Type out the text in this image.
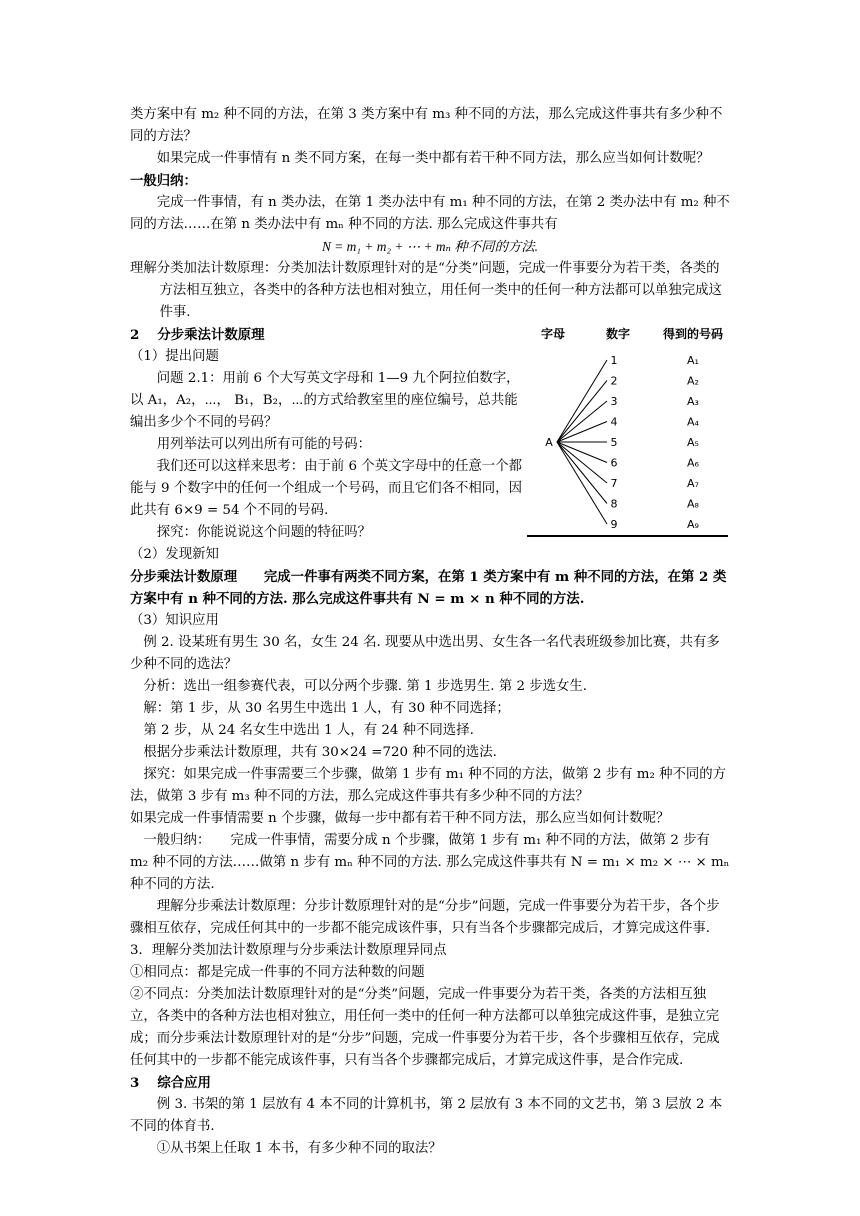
类方案中有 m₂ 种不同的方法，在第 3 类方案中有 m₃ 种不同的方法，那么完成这件事共有多少种不同的方法？

如果完成一件事情有 n 类不同方案，在每一类中都有若干种不同方法，那么应当如何计数呢？

一般归纳：

完成一件事情，有 n 类办法，在第 1 类办法中有 m₁ 种不同的方法，在第 2 类办法中有 m₂ 种不同的方法……在第 n 类办法中有 mₙ 种不同的方法. 那么完成这件事共有

N = m₁ + m₂ + ⋯ + mₙ 种不同的方法.

理解分类加法计数原理：分类加法计数原理针对的是“分类”问题，完成一件事要分为若干类，各类的方法相互独立，各类中的各种方法也相对独立，用任何一类中的任何一种方法都可以单独完成这件事.

2　 分步乘法计数原理

（1）提出问题

问题 2.1：用前 6 个大写英文字母和 1—9 九个阿拉伯数字，以 A₁，A₂，⋯， B₁，B₂，⋯的方式给教室里的座位编号，总共能编出多少个不同的号码？

用列举法可以列出所有可能的号码：

我们还可以这样来思考：由于前 6 个英文字母中的任意一个都能与 9 个数字中的任何一个组成一个号码，而且它们各不相同，因此共有 6×9 = 54 个不同的号码.

探究：你能说说这个问题的特征吗？

（2）发现新知

字母	数字	得到的号码
A
1	A₁
2	A₂
3	A₃
4	A₄
5	A₅
6	A₆
7	A₇
8	A₈
9	A₉

分步乘法计数原理　　完成一件事有两类不同方案，在第 1 类方案中有 m 种不同的方法，在第 2 类方案中有 n 种不同的方法. 那么完成这件事共有 N = m × n 种不同的方法.

（3）知识应用

例 2. 设某班有男生 30 名，女生 24 名. 现要从中选出男、女生各一名代表班级参加比赛，共有多少种不同的选法？

分析：选出一组参赛代表，可以分两个步骤. 第 1 步选男生. 第 2 步选女生.

解：第 1 步，从 30 名男生中选出 1 人，有 30 种不同选择；

第 2 步，从 24 名女生中选出 1 人，有 24 种不同选择.

根据分步乘法计数原理，共有 30×24 =720 种不同的选法.

探究：如果完成一件事需要三个步骤，做第 1 步有 m₁ 种不同的方法，做第 2 步有 m₂ 种不同的方法，做第 3 步有 m₃ 种不同的方法，那么完成这件事共有多少种不同的方法？

如果完成一件事情需要 n 个步骤，做每一步中都有若干种不同方法，那么应当如何计数呢？

一般归纳：　　完成一件事情，需要分成 n 个步骤，做第 1 步有 m₁ 种不同的方法，做第 2 步有 m₂ 种不同的方法……做第 n 步有 mₙ 种不同的方法. 那么完成这件事共有 N = m₁ × m₂ × ⋯ × mₙ 种不同的方法.

理解分步乘法计数原理：分步计数原理针对的是“分步”问题，完成一件事要分为若干步，各个步骤相互依存，完成任何其中的一步都不能完成该件事，只有当各个步骤都完成后，才算完成这件事.

3．理解分类加法计数原理与分步乘法计数原理异同点

①相同点：都是完成一件事的不同方法种数的问题

②不同点：分类加法计数原理针对的是“分类”问题，完成一件事要分为若干类，各类的方法相互独立，各类中的各种方法也相对独立，用任何一类中的任何一种方法都可以单独完成这件事，是独立完成；而分步乘法计数原理针对的是“分步”问题，完成一件事要分为若干步，各个步骤相互依存，完成任何其中的一步都不能完成该件事，只有当各个步骤都完成后，才算完成这件事，是合作完成.

3　 综合应用

例 3. 书架的第 1 层放有 4 本不同的计算机书，第 2 层放有 3 本不同的文艺书，第 3 层放 2 本不同的体育书.

①从书架上任取 1 本书，有多少种不同的取法？
